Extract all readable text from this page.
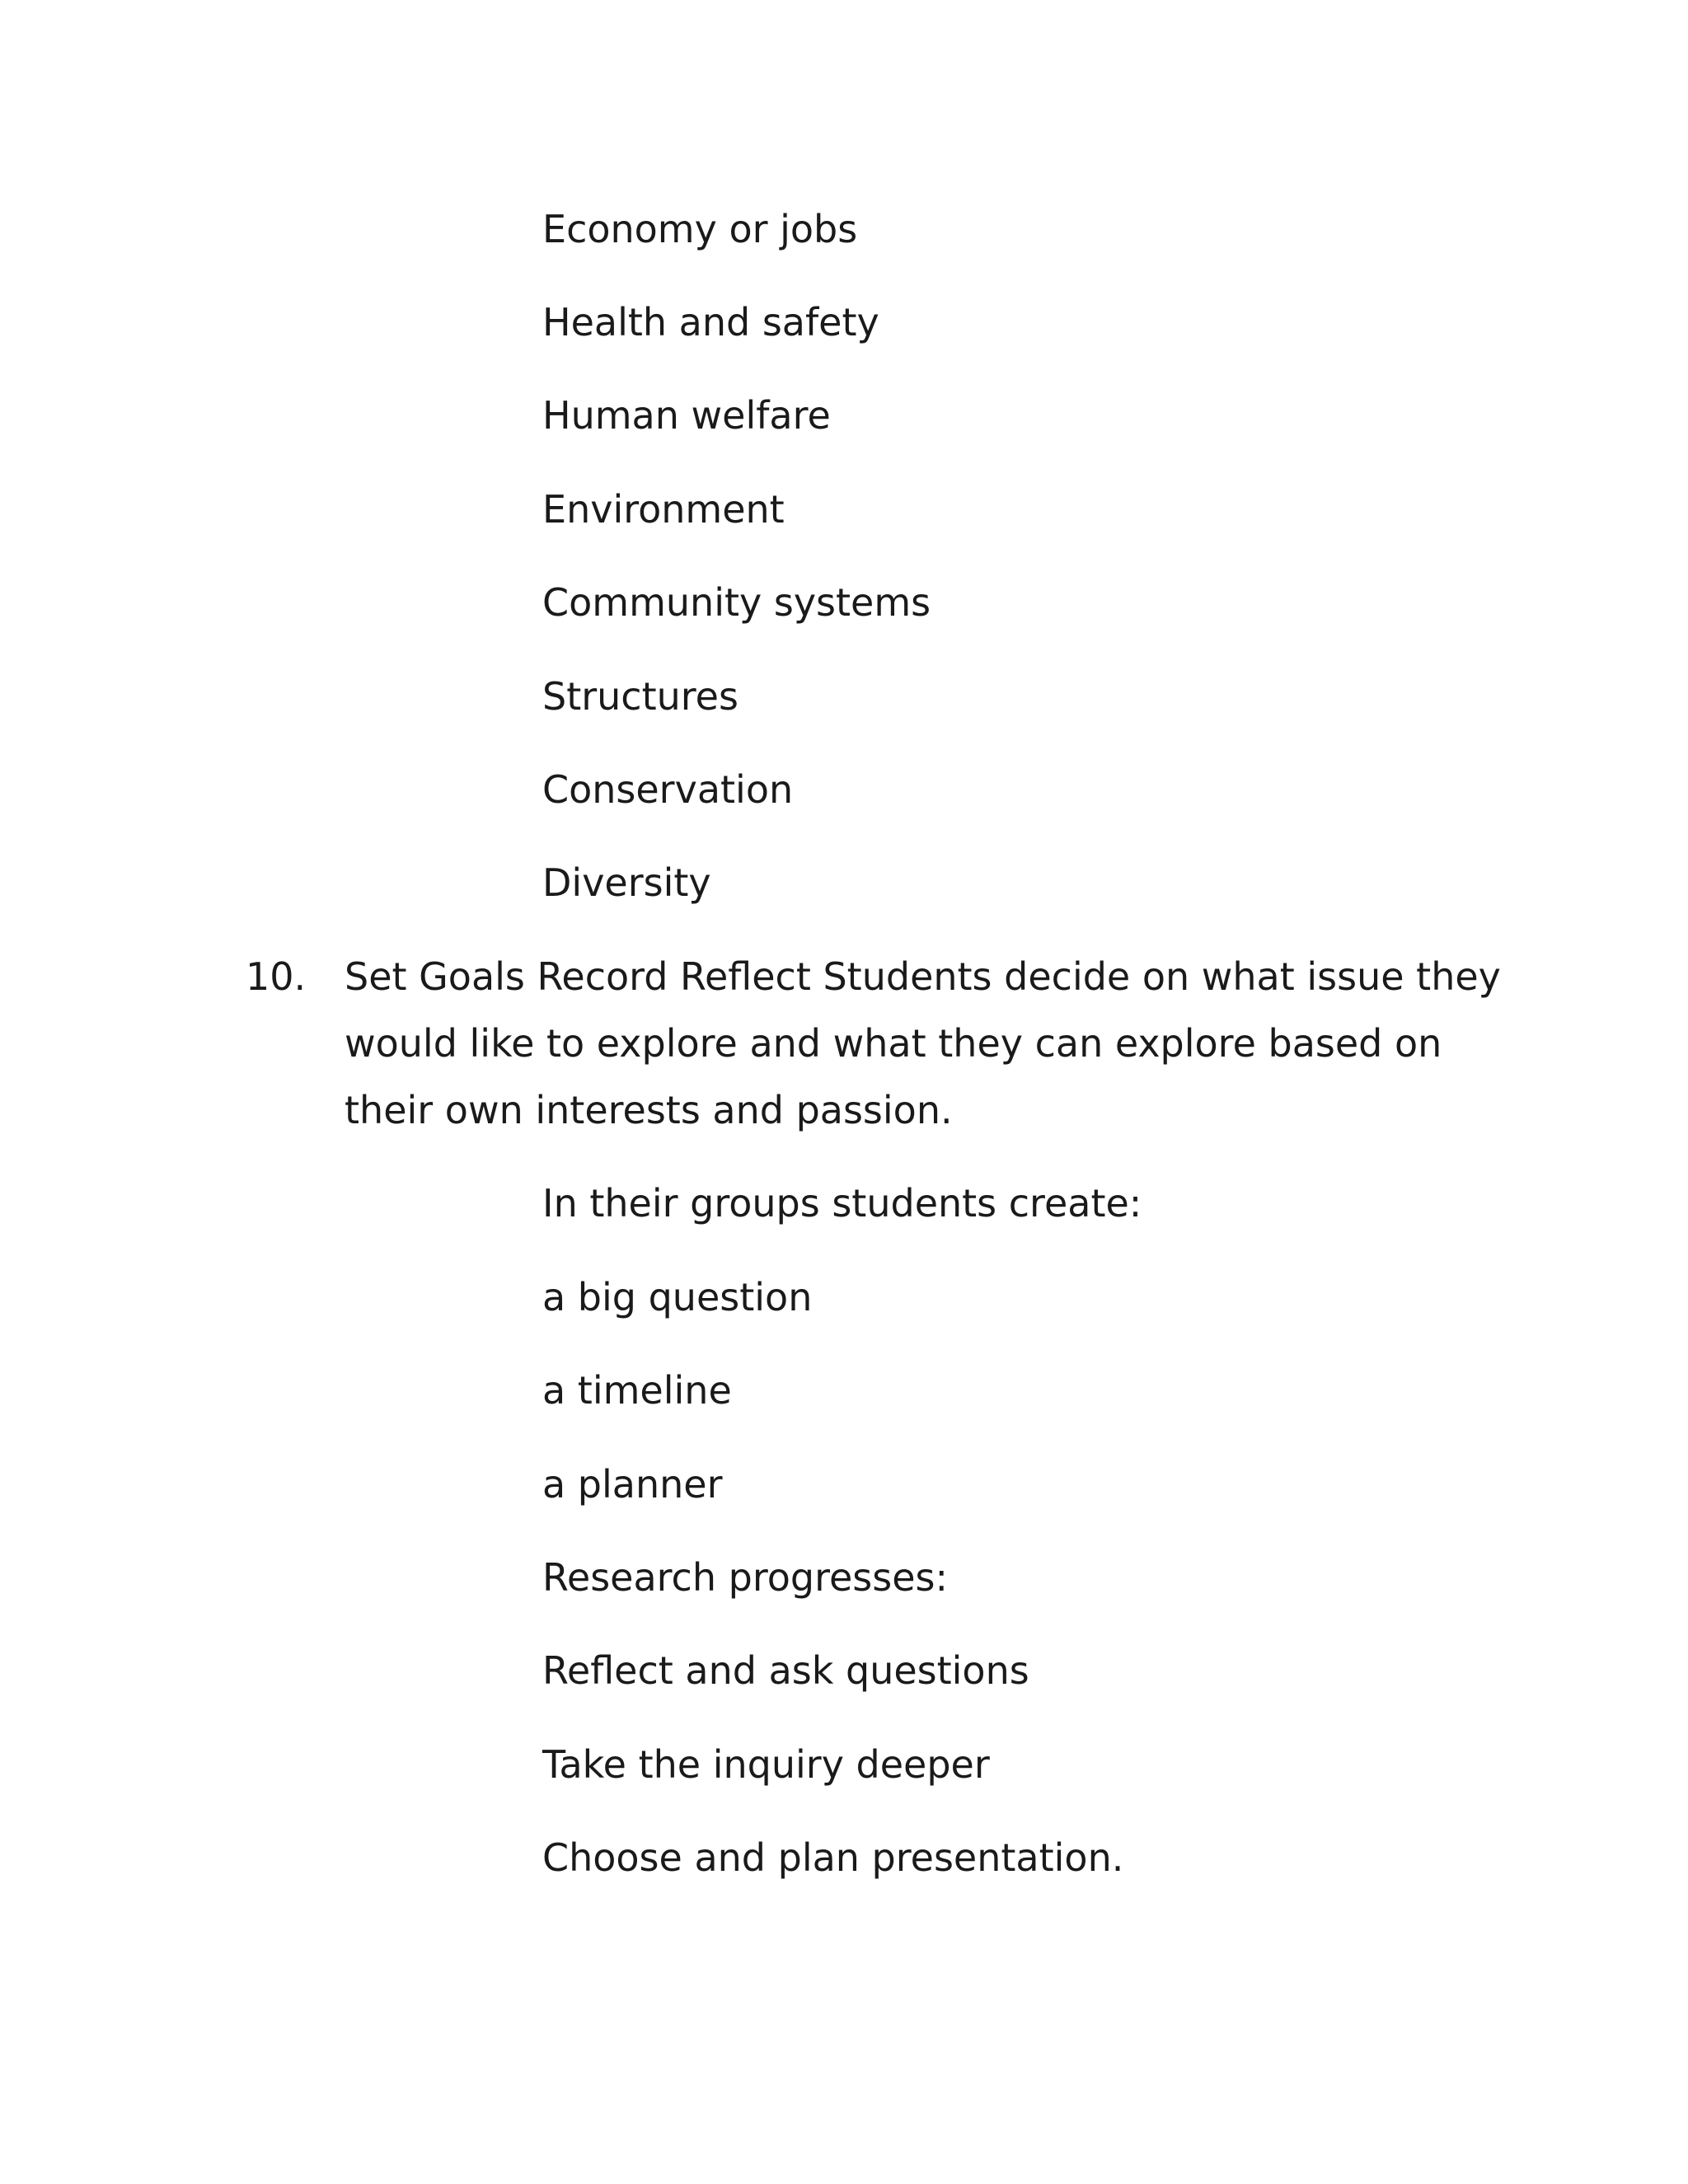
Economy or jobs
Health and safety
Human welfare
Environment
Community systems
Structures
Conservation
Diversity
10. Set Goals Record Reflect Students decide on what issue they
would like to explore and what they can explore based on
their own interests and passion.
In their groups students create:
a big question
a timeline
a planner
Research progresses:
Reflect and ask questions
Take the inquiry deeper
Choose and plan presentation.
